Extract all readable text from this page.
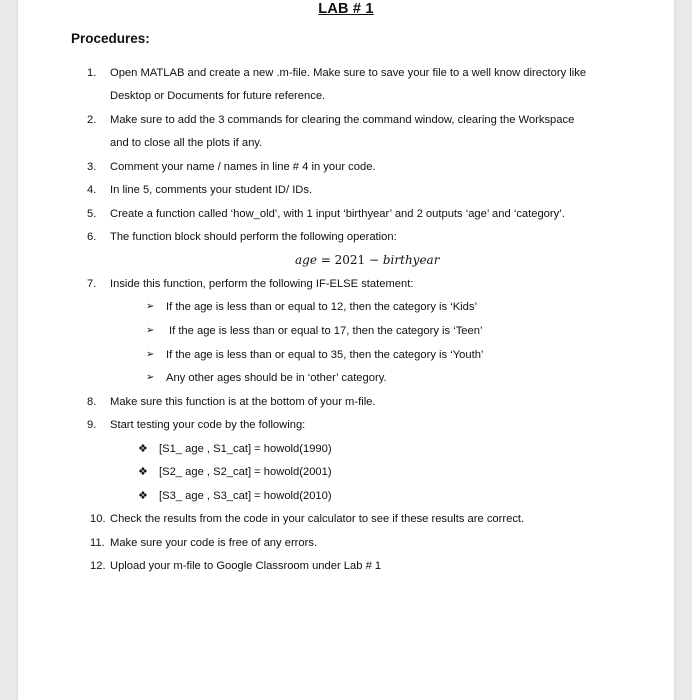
LAB # 1
Procedures:
1. Open MATLAB and create a new .m-file. Make sure to save your file to a well know directory like
Desktop or Documents for future reference.
2. Make sure to add the 3 commands for clearing the command window, clearing the Workspace
and to close all the plots if any.
3. Comment your name / names in line # 4 in your code.
4. In line 5, comments your student ID/ IDs.
5. Create a function called ‘how_old’, with 1 input ‘birthyear’ and 2 outputs ‘age’ and ‘category’.
6. The function block should perform the following operation:
age = 2021 − birthyear
7. Inside this function, perform the following IF-ELSE statement:
➢ If the age is less than or equal to 12, then the category is ‘Kids’
➢ If the age is less than or equal to 17, then the category is ‘Teen’
➢ If the age is less than or equal to 35, then the category is ‘Youth’
➢ Any other ages should be in ‘other’ category.
8. Make sure this function is at the bottom of your m-file.
9. Start testing your code by the following:
❖ [S1_ age , S1_cat] = howold(1990)
❖ [S2_ age , S2_cat] = howold(2001)
❖ [S3_ age , S3_cat] = howold(2010)
10. Check the results from the code in your calculator to see if these results are correct.
11. Make sure your code is free of any errors.
12. Upload your m-file to Google Classroom under Lab # 1
